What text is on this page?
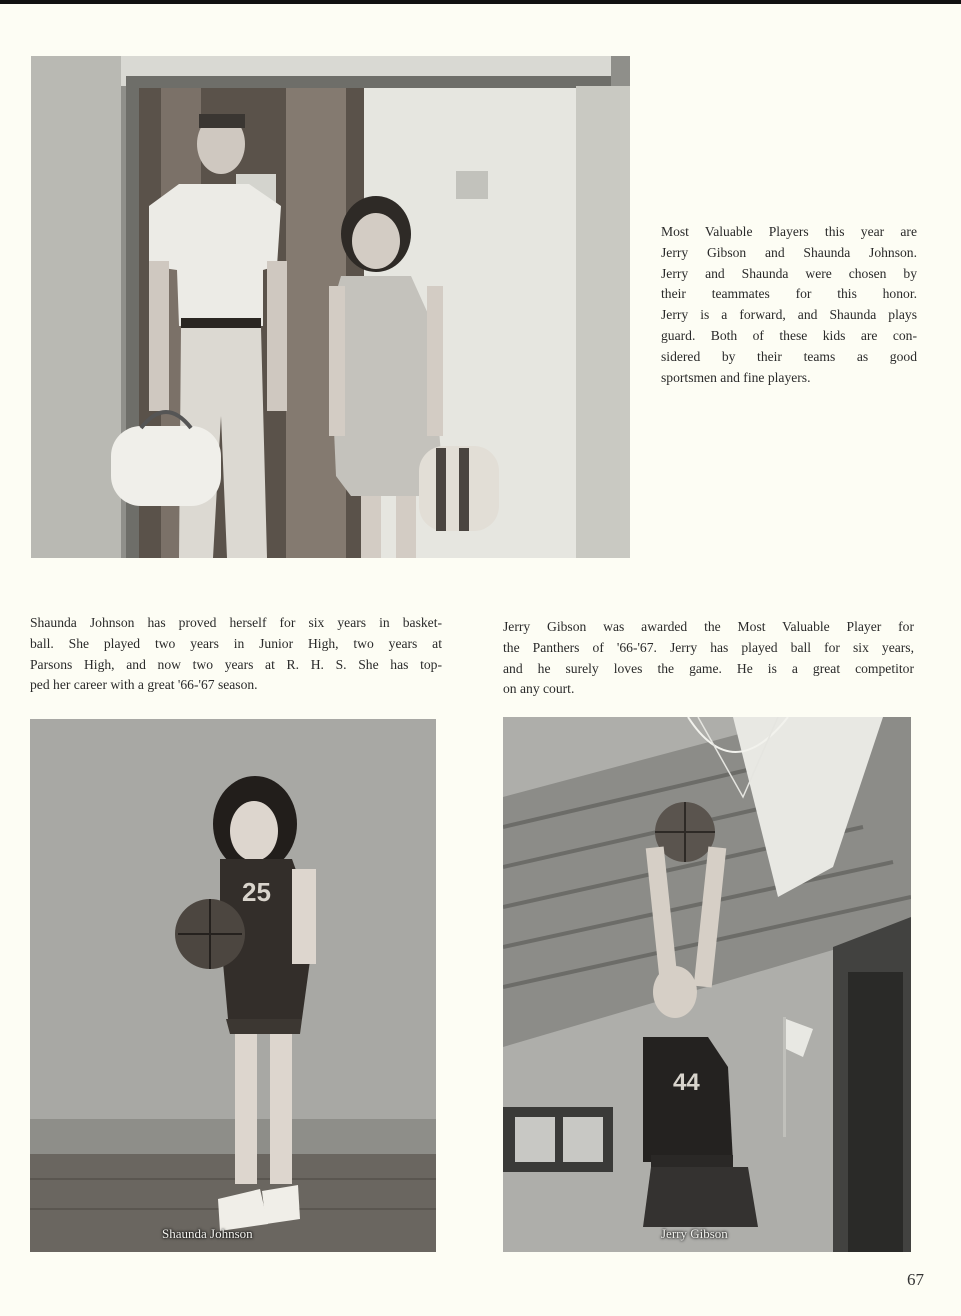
Most Valuable Players this year are
Jerry Gibson and Shaunda Johnson.
Jerry and Shaunda were chosen by
their teammates for this honor.
Jerry is a forward, and Shaunda plays
guard. Both of these kids are con-
sidered by their teams as good
sportsmen and fine players.
Shaunda Johnson has proved herself for six years in basket-
ball. She played two years in Junior High, two years at
Parsons High, and now two years at R. H. S. She has top-
ped her career with a great '66-'67 season.
Jerry Gibson was awarded the Most Valuable Player for
the Panthers of '66-'67. Jerry has played ball for six years,
and he surely loves the game. He is a great competitor
on any court.
25
Shaunda Johnson
44
Jerry Gibson
67
